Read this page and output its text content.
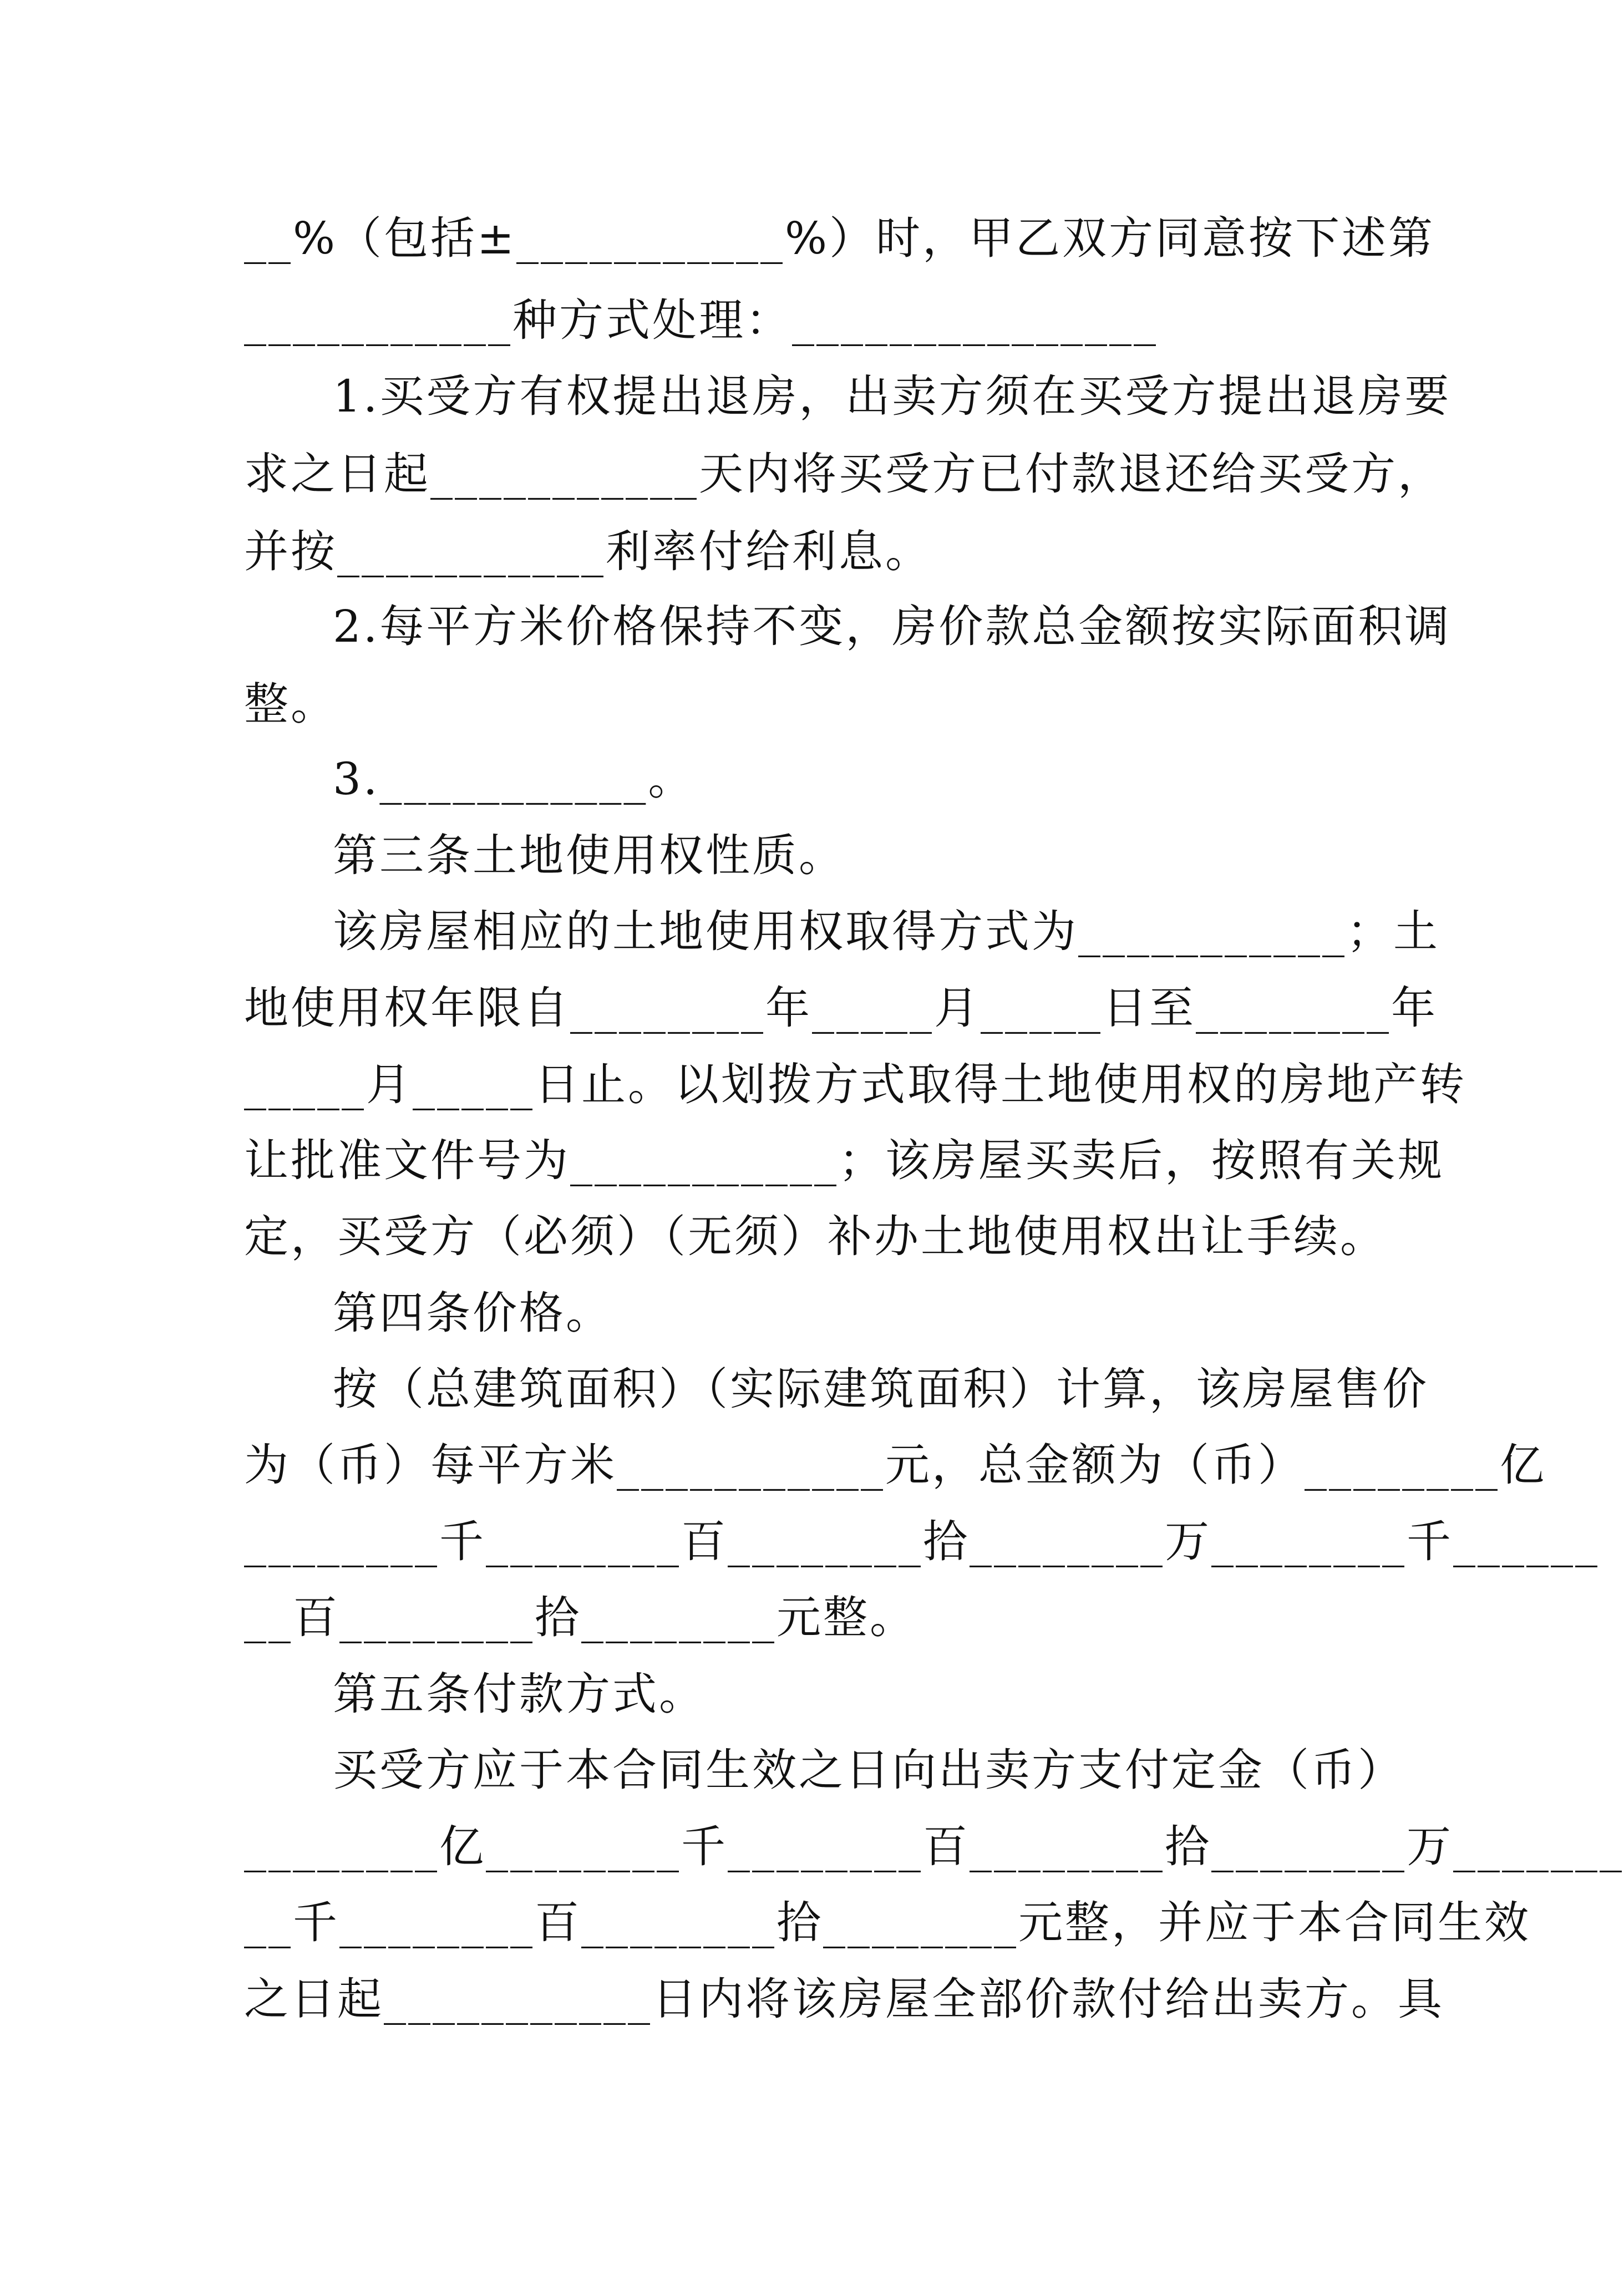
__%（包括±___________%）时，甲乙双方同意按下述第
___________种方式处理：_______________
1.买受方有权提出退房，出卖方须在买受方提出退房要
求之日起___________天内将买受方已付款退还给买受方，
并按___________利率付给利息。
2.每平方米价格保持不变，房价款总金额按实际面积调
整。
3.___________。
第三条土地使用权性质。
该房屋相应的土地使用权取得方式为___________；土
地使用权年限自________年_____月_____日至________年
_____月_____日止。以划拨方式取得土地使用权的房地产转
让批准文件号为___________；该房屋买卖后，按照有关规
定，买受方（必须）（无须）补办土地使用权出让手续。
第四条价格。
按（总建筑面积）（实际建筑面积）计算，该房屋售价
为（币）每平方米___________元，总金额为（币）________亿
________千________百________拾________万________千______
__百________拾________元整。
第五条付款方式。
买受方应于本合同生效之日向出卖方支付定金（币）
________亿________千________百________拾________万_______
__千________百________拾________元整，并应于本合同生效
之日起___________日内将该房屋全部价款付给出卖方。具
